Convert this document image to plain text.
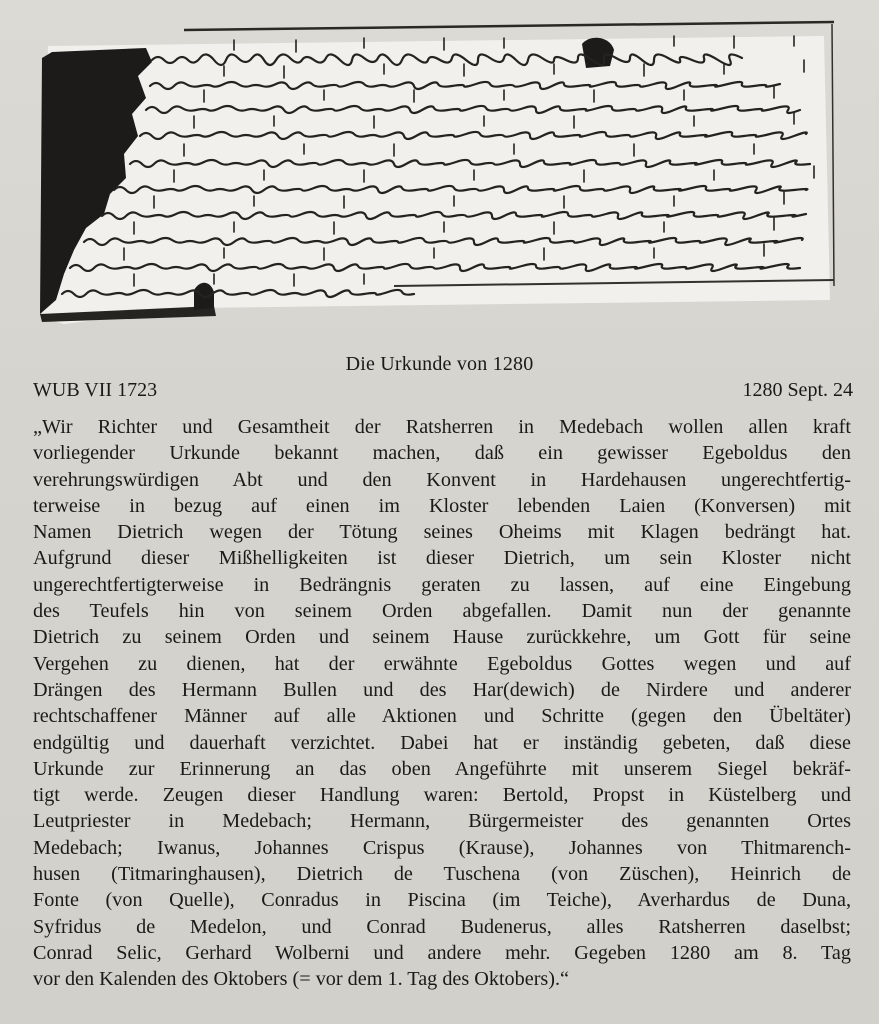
Die Urkunde von 1280
WUB VII 1723	1280 Sept. 24
„Wir Richter und Gesamtheit der Ratsherren in Medebach wollen allen kraft
vorliegender Urkunde bekannt machen, daß ein gewisser Egeboldus den
verehrungswürdigen Abt und den Konvent in Hardehausen ungerechtfertig-
terweise in bezug auf einen im Kloster lebenden Laien (Konversen) mit
Namen Dietrich wegen der Tötung seines Oheims mit Klagen bedrängt hat.
Aufgrund dieser Mißhelligkeiten ist dieser Dietrich, um sein Kloster nicht
ungerechtfertigterweise in Bedrängnis geraten zu lassen, auf eine Eingebung
des Teufels hin von seinem Orden abgefallen. Damit nun der genannte
Dietrich zu seinem Orden und seinem Hause zurückkehre, um Gott für seine
Vergehen zu dienen, hat der erwähnte Egeboldus Gottes wegen und auf
Drängen des Hermann Bullen und des Har(dewich) de Nirdere und anderer
rechtschaffener Männer auf alle Aktionen und Schritte (gegen den Übeltäter)
endgültig und dauerhaft verzichtet. Dabei hat er inständig gebeten, daß diese
Urkunde zur Erinnerung an das oben Angeführte mit unserem Siegel bekräf-
tigt werde. Zeugen dieser Handlung waren: Bertold, Propst in Küstelberg und
Leutpriester in Medebach; Hermann, Bürgermeister des genannten Ortes
Medebach; Iwanus, Johannes Crispus (Krause), Johannes von Thitmarench-
husen (Titmaringhausen), Dietrich de Tuschena (von Züschen), Heinrich de
Fonte (von Quelle), Conradus in Piscina (im Teiche), Averhardus de Duna,
Syfridus de Medelon, und Conrad Budenerus, alles Ratsherren daselbst;
Conrad Selic, Gerhard Wolberni und andere mehr. Gegeben 1280 am 8. Tag
vor den Kalenden des Oktobers (= vor dem 1. Tag des Oktobers).“
